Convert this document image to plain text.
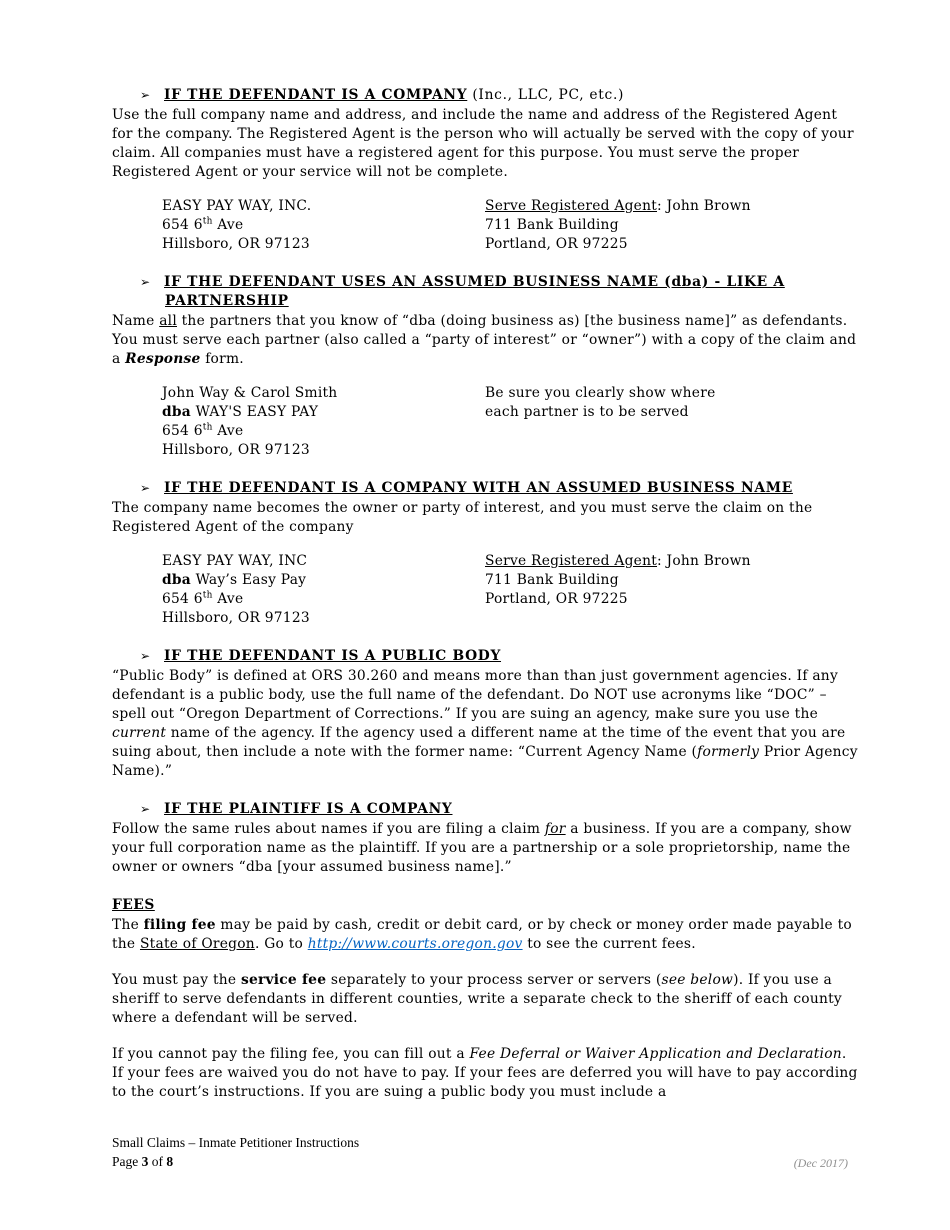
➢ IF THE DEFENDANT IS A COMPANY (Inc., LLC, PC, etc.)
Use the full company name and address, and include the name and address of the Registered Agent for the company. The Registered Agent is the person who will actually be served with the copy of your claim. All companies must have a registered agent for this purpose. You must serve the proper Registered Agent or your service will not be complete.
EASY PAY WAY, INC.
654 6th Ave
Hillsboro, OR 97123
Serve Registered Agent: John Brown
711 Bank Building
Portland, OR 97225
➢ IF THE DEFENDANT USES AN ASSUMED BUSINESS NAME (dba) - LIKE A
PARTNERSHIP
Name all the partners that you know of “dba (doing business as) [the business name]” as defendants. You must serve each partner (also called a “party of interest” or “owner”) with a copy of the claim and a Response form.
John Way & Carol Smith
dba WAY'S EASY PAY
654 6th Ave
Hillsboro, OR 97123
Be sure you clearly show where
each partner is to be served
➢ IF THE DEFENDANT IS A COMPANY WITH AN ASSUMED BUSINESS NAME
The company name becomes the owner or party of interest, and you must serve the claim on the Registered Agent of the company
EASY PAY WAY, INC
dba Way’s Easy Pay
654 6th Ave
Hillsboro, OR 97123
Serve Registered Agent: John Brown
711 Bank Building
Portland, OR 97225
➢ IF THE DEFENDANT IS A PUBLIC BODY
“Public Body” is defined at ORS 30.260 and means more than than just government agencies. If any defendant is a public body, use the full name of the defendant. Do NOT use acronyms like “DOC” – spell out “Oregon Department of Corrections.” If you are suing an agency, make sure you use the current name of the agency. If the agency used a different name at the time of the event that you are suing about, then include a note with the former name: “Current Agency Name (formerly Prior Agency Name).”
➢ IF THE PLAINTIFF IS A COMPANY
Follow the same rules about names if you are filing a claim for a business. If you are a company, show your full corporation name as the plaintiff. If you are a partnership or a sole proprietorship, name the owner or owners “dba [your assumed business name].”
FEES
The filing fee may be paid by cash, credit or debit card, or by check or money order made payable to the State of Oregon. Go to http://www.courts.oregon.gov to see the current fees.
You must pay the service fee separately to your process server or servers (see below). If you use a sheriff to serve defendants in different counties, write a separate check to the sheriff of each county where a defendant will be served.
If you cannot pay the filing fee, you can fill out a Fee Deferral or Waiver Application and Declaration. If your fees are waived you do not have to pay. If your fees are deferred you will have to pay according to the court’s instructions. If you are suing a public body you must include a
Small Claims – Inmate Petitioner Instructions
Page 3 of 8	(Dec 2017)
